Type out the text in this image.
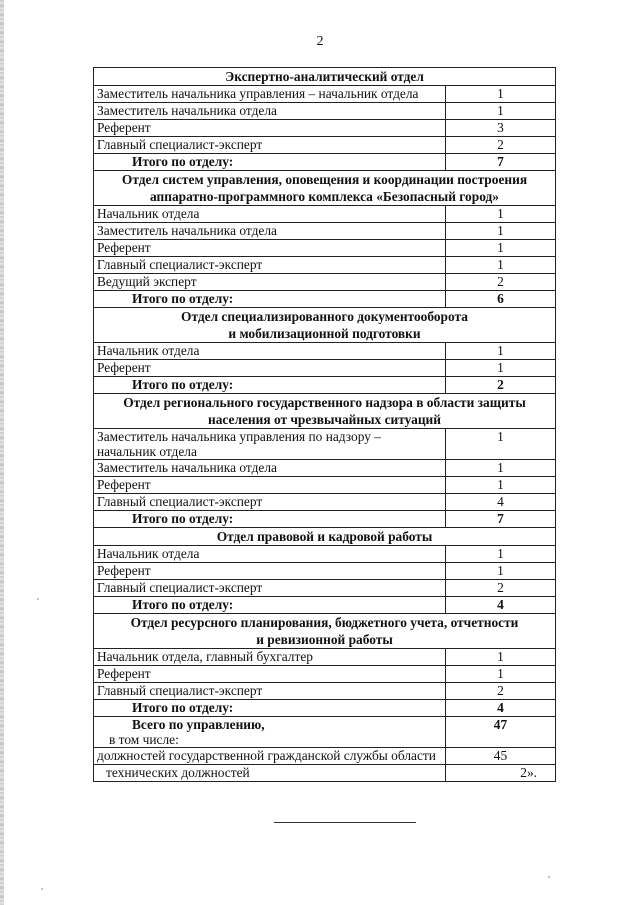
2
Экспертно-аналитический отдел	

Заместитель начальника управления – начальник отдела	1

Заместитель начальника отдела	1

Референт	3

Главный специалист-эксперт	2
Итого по отделу:	7

Отдел систем управления, оповещения и координации построения
аппаратно-программного комплекса «Безопасный город»	

Начальник отдела	1

Заместитель начальника отдела	1

Референт	1

Главный специалист-эксперт	1

Ведущий эксперт	2
Итого по отделу:	6

Отдел специализированного документооборота
и мобилизационной подготовки	

Начальник отдела	1

Референт	1
Итого по отделу:	2

Отдел регионального государственного надзора в области защиты
населения от чрезвычайных ситуаций	

Заместитель начальника управления по надзору –
начальник отдела	1

Заместитель начальника отдела	1

Референт	1

Главный специалист-эксперт	4
Итого по отделу:	7

Отдел правовой и кадровой работы	

Начальник отдела	1

Референт	1

Главный специалист-эксперт	2
Итого по отделу:	4

Отдел ресурсного планирования, бюджетного учета, отчетности
и ревизионной работы	

Начальник отдела, главный бухгалтер	1

Референт	1

Главный специалист-эксперт	2
Итого по отделу:	4

Всего по управлению,
в том числе:	47
должностей государственной гражданской службы области	45
технических должностей	2».
